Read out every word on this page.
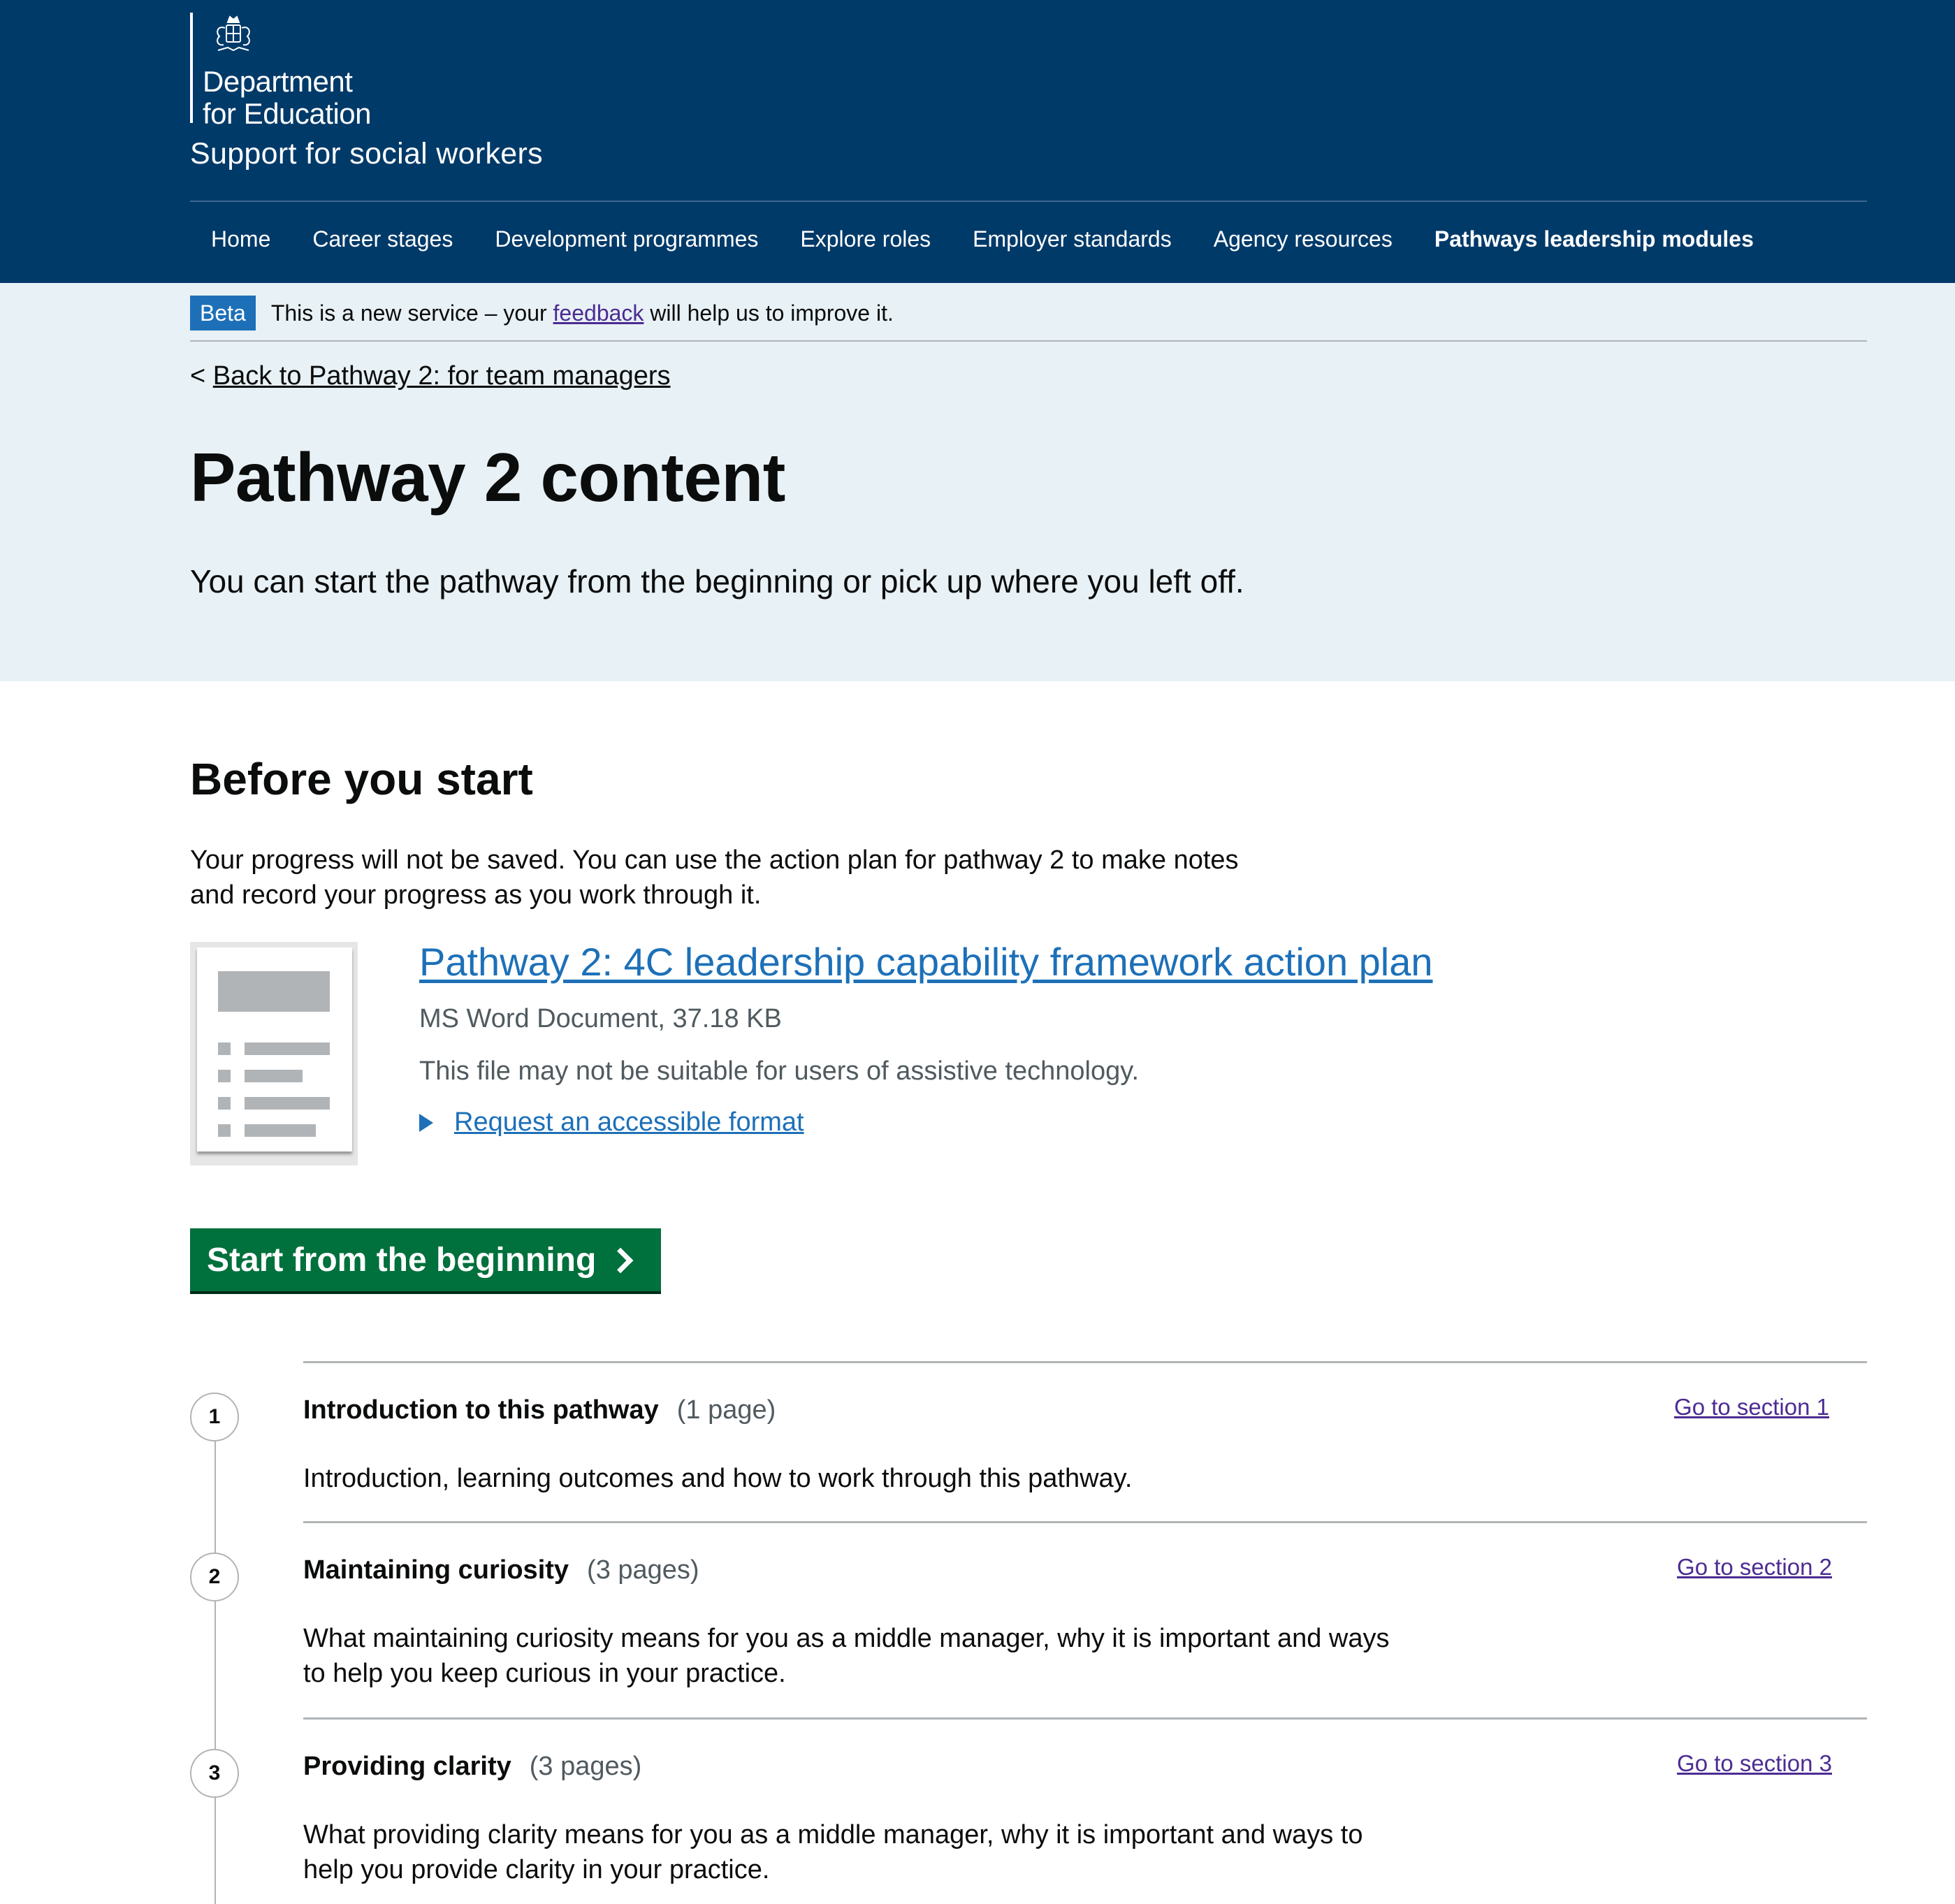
Department
for Education
Support for social workers
Home	Career stages	Development programmes	Explore roles	Employer standards	Agency resources	Pathways leadership modules
Beta	This is a new service – your feedback will help us to improve it.
< Back to Pathway 2: for team managers
Pathway 2 content

You can start the pathway from the beginning or pick up where you left off.

Before you start

Your progress will not be saved. You can use the action plan for pathway 2 to make notes
and record your progress as you work through it.

Pathway 2: 4C leadership capability framework action plan
MS Word Document, 37.18 KB
This file may not be suitable for users of assistive technology.
Request an accessible format
Start from the beginning
1	Introduction to this pathway (1 page)	Go to section 1
Introduction, learning outcomes and how to work through this pathway.
2	Maintaining curiosity (3 pages)	Go to section 2
What maintaining curiosity means for you as a middle manager, why it is important and ways
to help you keep curious in your practice.
3	Providing clarity (3 pages)	Go to section 3
What providing clarity means for you as a middle manager, why it is important and ways to
help you provide clarity in your practice.
